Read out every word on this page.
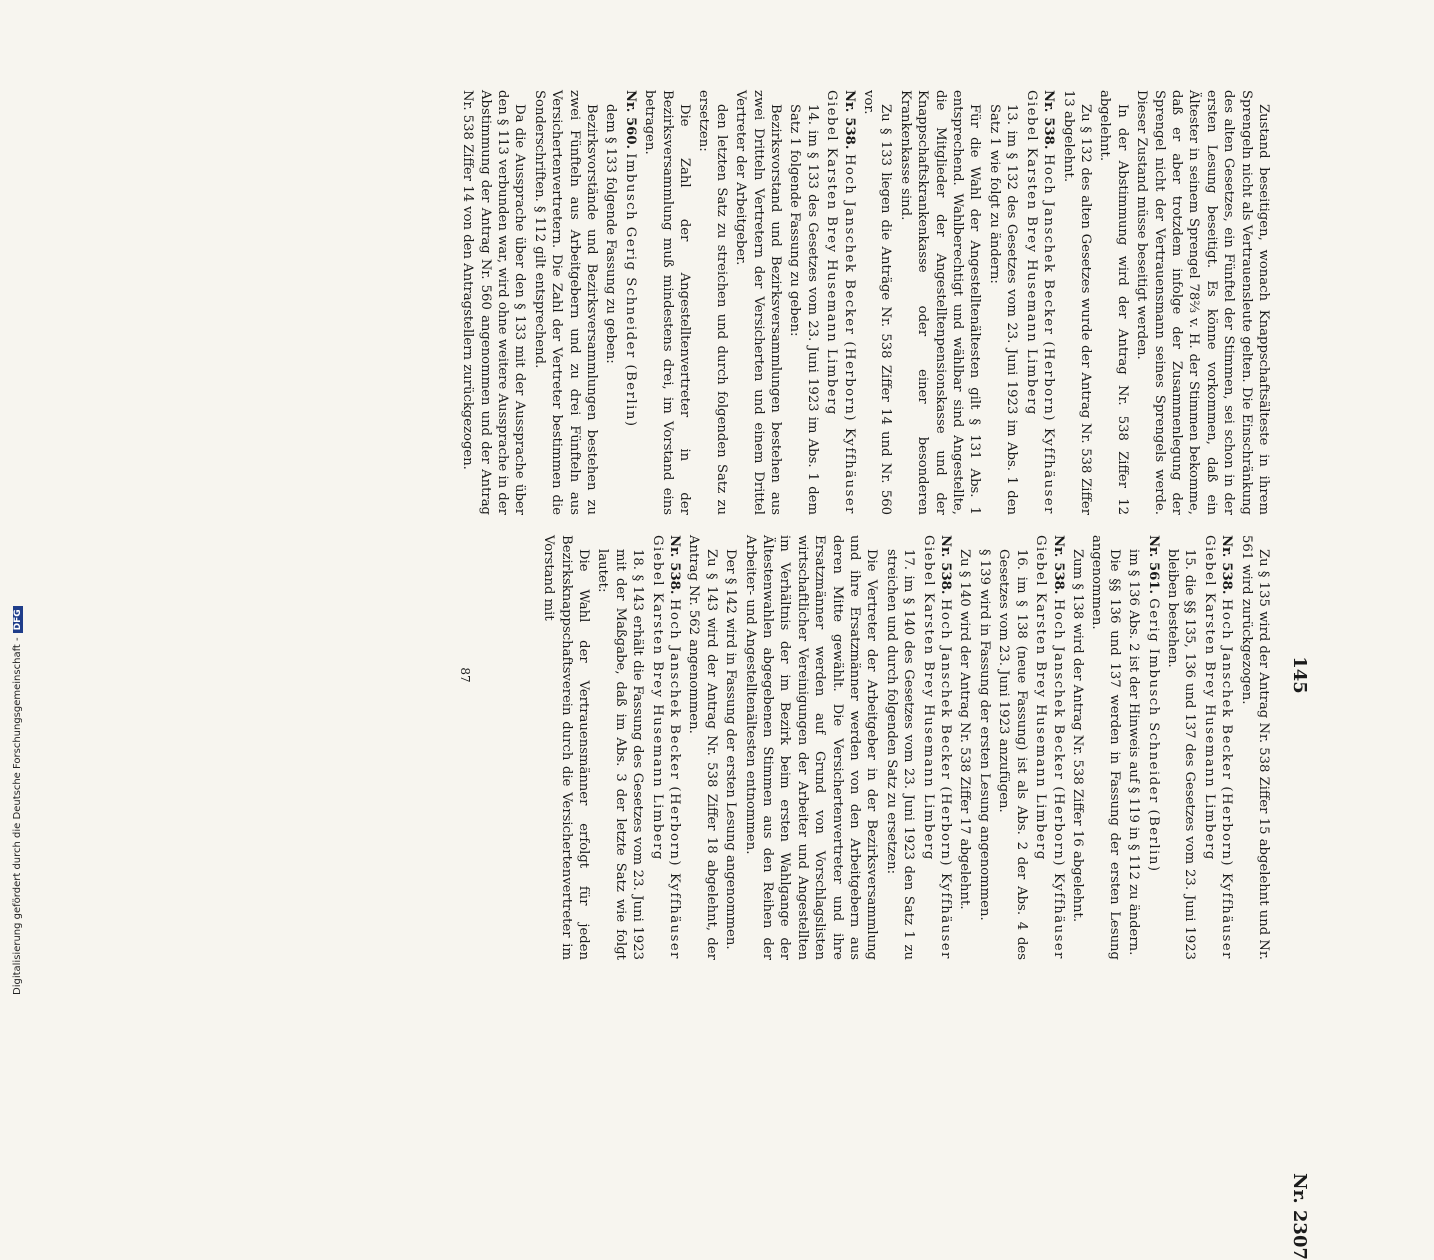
145
Nr. 2307

Zustand beseitigen, wonach Knappschaftsälteste in ihrem Sprengeln nicht als Vertrauensleute gelten. Die Einschränkung des alten Gesetzes, ein Fünftel der Stimmen, sei schon in der ersten Lesung beseitigt. Es könne vorkommen, daß ein Ältester in seinem Sprengel 78⅔ v. H. der Stimmen bekomme, daß er aber trotzdem infolge der Zusammenlegung der Sprengel nicht der Vertrauensmann seines Sprengels werde. Dieser Zustand müsse beseitigt werden.

In der Abstimmung wird der Antrag Nr. 538 Ziffer 12 abgelehnt.

Zu § 132 des alten Gesetzes wurde der Antrag Nr. 538 Ziffer 13 abgelehnt.

Nr. 538. Hoch Janschek Becker (Herborn) Kyffhäuser Giebel Karsten Brey Husemann Limberg

13. im § 132 des Gesetzes vom 23. Juni 1923 im Abs. 1 den Satz 1 wie folgt zu ändern:

Für die Wahl der Angestelltenältesten gilt § 131 Abs. 1 entsprechend. Wahlberechtigt und wählbar sind Angestellte, die Mitglieder der Angestelltenpensionskasse und der Knappschaftskrankenkasse oder einer besonderen Krankenkasse sind.

Zu § 133 liegen die Anträge Nr. 538 Ziffer 14 und Nr. 560 vor.

Nr. 538. Hoch Janschek Becker (Herborn) Kyffhäuser Giebel Karsten Brey Husemann Limberg

14. im § 133 des Gesetzes vom 23. Juni 1923 im Abs. 1 dem Satz 1 folgende Fassung zu geben:

Bezirksvorstand und Bezirksversammlungen bestehen aus zwei Dritteln Vertretern der Versicherten und einem Drittel Vertreter der Arbeitgeber.

den letzten Satz zu streichen und durch folgenden Satz zu ersetzen:

Die Zahl der Angestelltenvertreter in der Bezirksversammlung muß mindestens drei, im Vorstand eins betragen.

Nr. 560. Imbusch Gerig Schneider (Berlin)

dem § 133 folgende Fassung zu geben:

Bezirksvorstände und Bezirksversammlungen bestehen zu zwei Fünfteln aus Arbeitgebern und zu drei Fünfteln aus Versichertenvertretern. Die Zahl der Vertreter bestimmen die Sonderschriften. § 112 gilt entsprechend.

Da die Aussprache über den § 133 mit der Aussprache über den § 113 verbunden war, wird ohne weitere Aussprache in der Abstimmung der Antrag Nr. 560 angenommen und der Antrag Nr. 538 Ziffer 14 von den Antragstellern zurückgezogen.

Zu § 135 wird der Antrag Nr. 538 Ziffer 15 abgelehnt und Nr. 561 wird zurückgezogen.

Nr. 538. Hoch Janschek Becker (Herborn) Kyffhäuser Giebel Karsten Brey Husemann Limberg

15. die §§ 135, 136 und 137 des Gesetzes vom 23. Juni 1923 bleiben bestehen.

Nr. 561. Gerig Imbusch Schneider (Berlin)

im § 136 Abs. 2 ist der Hinweis auf § 119 in § 112 zu ändern.

Die §§ 136 und 137 werden in Fassung der ersten Lesung angenommen.

Zum § 138 wird der Antrag Nr. 538 Ziffer 16 abgelehnt.

Nr. 538. Hoch Janschek Becker (Herborn) Kyffhäuser Giebel Karsten Brey Husemann Limberg

16. im § 138 (neue Fassung) ist als Abs. 2 der Abs. 4 des Gesetzes vom 23. Juni 1923 anzufügen.

§ 139 wird in Fassung der ersten Lesung angenommen.

Zu § 140 wird der Antrag Nr. 538 Ziffer 17 abgelehnt.

Nr. 538. Hoch Janschek Becker (Herborn) Kyffhäuser Giebel Karsten Brey Husemann Limberg

17. im § 140 des Gesetzes vom 23. Juni 1923 den Satz 1 zu streichen und durch folgenden Satz zu ersetzen:

Die Vertreter der Arbeitgeber in der Bezirksversammlung und ihre Ersatzmänner werden von den Arbeitgebern aus deren Mitte gewählt. Die Versichertenvertreter und ihre Ersatzmänner werden auf Grund von Vorschlagslisten wirtschaftlicher Vereinigungen der Arbeiter und Angestellten im Verhältnis der im Bezirk beim ersten Wahlgange der Ältestenwahlen abgegebenen Stimmen aus den Reihen der Arbeiter- und Angestelltenältesten entnommen.

Der § 142 wird in Fassung der ersten Lesung angenommen.

Zu § 143 wird der Antrag Nr. 538 Ziffer 18 abgelehnt, der Antrag Nr. 562 angenommen.

Nr. 538. Hoch Janschek Becker (Herborn) Kyffhäuser Giebel Karsten Brey Husemann Limberg

18. § 143 erhält die Fassung des Gesetzes vom 23. Juni 1923 mit der Maßgabe, daß im Abs. 3 der letzte Satz wie folgt lautet:

Die Wahl der Vertrauensmänner erfolgt für jeden Bezirksknappschaftsverein durch die Versichertenvertreter im Vorstand mit

87
Digitalisierung gefördert durch die Deutsche Forschungsgemeinschaft -DFG
